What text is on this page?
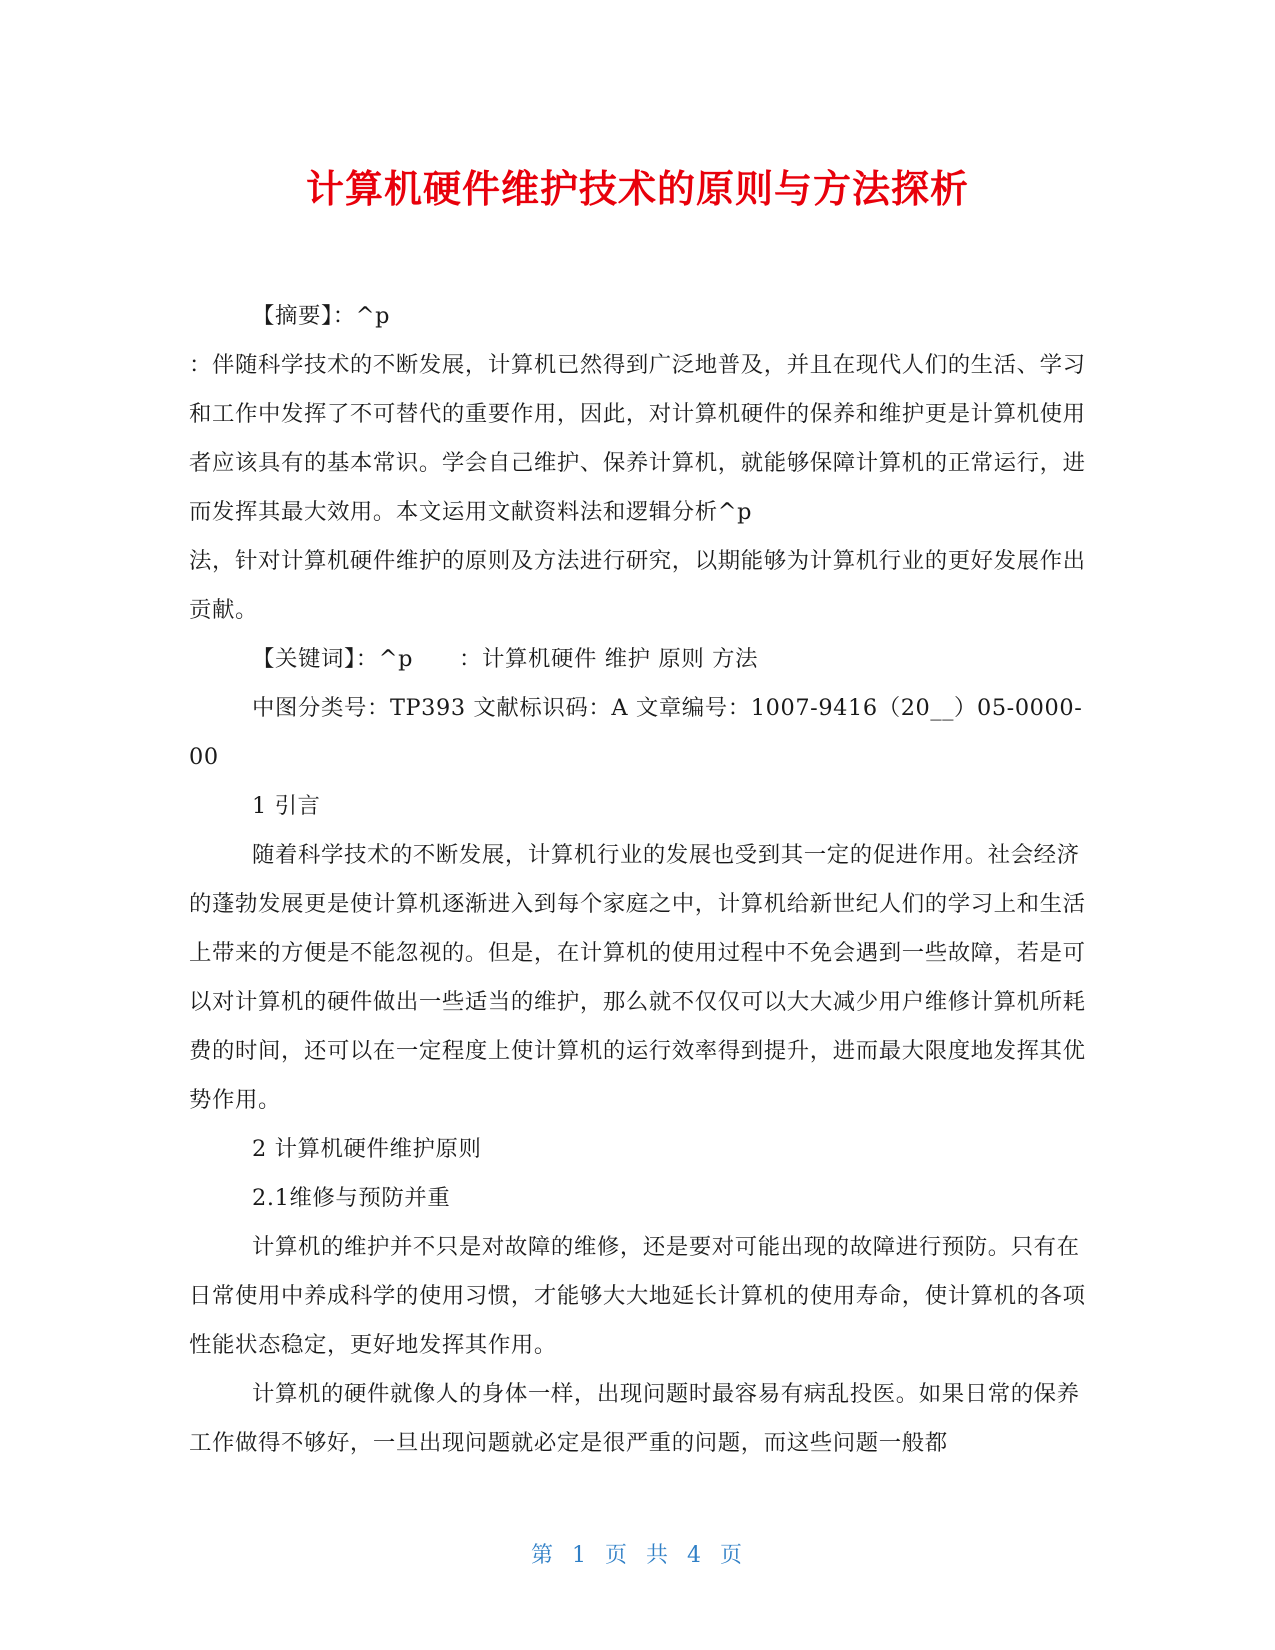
计算机硬件维护技术的原则与方法探析

【摘要】：^p

：伴随科学技术的不断发展，计算机已然得到广泛地普及，并且在现代人们的生活、学习和工作中发挥了不可替代的重要作用，因此，对计算机硬件的保养和维护更是计算机使用者应该具有的基本常识。学会自己维护、保养计算机，就能够保障计算机的正常运行，进而发挥其最大效用。本文运用文献资料法和逻辑分析^p

法，针对计算机硬件维护的原则及方法进行研究，以期能够为计算机行业的更好发展作出贡献。

【关键词】：^p  ：计算机硬件 维护 原则 方法

中图分类号：TP393 文献标识码：A 文章编号：1007-9416（20__）05-0000-00

1 引言

随着科学技术的不断发展，计算机行业的发展也受到其一定的促进作用。社会经济的蓬勃发展更是使计算机逐渐进入到每个家庭之中，计算机给新世纪人们的学习上和生活上带来的方便是不能忽视的。但是，在计算机的使用过程中不免会遇到一些故障，若是可以对计算机的硬件做出一些适当的维护，那么就不仅仅可以大大减少用户维修计算机所耗费的时间，还可以在一定程度上使计算机的运行效率得到提升，进而最大限度地发挥其优势作用。

2 计算机硬件维护原则

2.1维修与预防并重

计算机的维护并不只是对故障的维修，还是要对可能出现的故障进行预防。只有在日常使用中养成科学的使用习惯，才能够大大地延长计算机的使用寿命，使计算机的各项性能状态稳定，更好地发挥其作用。

计算机的硬件就像人的身体一样，出现问题时最容易有病乱投医。如果日常的保养工作做得不够好，一旦出现问题就必定是很严重的问题，而这些问题一般都

第 1 页 共 4 页
